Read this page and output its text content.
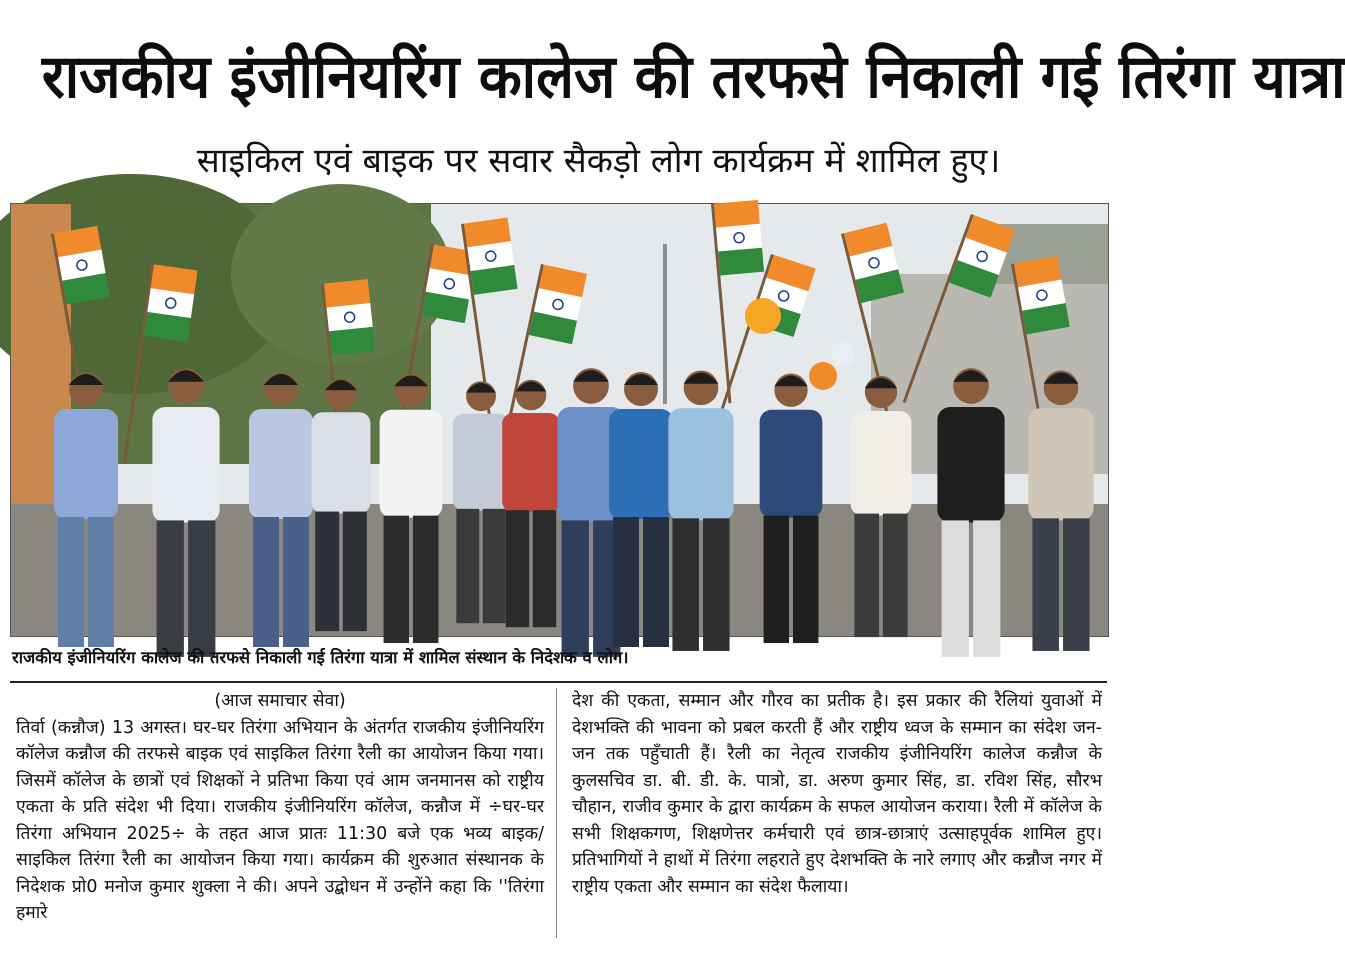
राजकीय इंजीनियरिंग कालेज की तरफसे निकाली गई तिरंगा यात्रा
साइकिल एवं बाइक पर सवार सैकड़ो लोग कार्यक्रम में शामिल हुए।
राजकीय इंजीनियरिंग कालेज की तरफसे निकाली गई तिरंगा यात्रा में शामिल संस्थान के निदेशक व लोग।
(आज समाचार सेवा)

तिर्वा (कन्नौज) 13 अगस्त। घर-घर तिरंगा अभियान के अंतर्गत राजकीय इंजीनियरिंग कॉलेज कन्नौज की तरफसे बाइक एवं साइकिल तिरंगा रैली का आयोजन किया गया। जिसमें कॉलेज के छात्रों एवं शिक्षकों ने प्रतिभा किया एवं आम जनमानस को राष्ट्रीय एकता के प्रति संदेश भी दिया। राजकीय इंजीनियरिंग कॉलेज, कन्नौज में ÷घर-घर तिरंगा अभियान 2025÷ के तहत आज प्रातः 11:30 बजे एक भव्य बाइक/साइकिल तिरंगा रैली का आयोजन किया गया। कार्यक्रम की शुरुआत संस्थानक के निदेशक प्रो0 मनोज कुमार शुक्ला ने की। अपने उद्बोधन में उन्होंने कहा कि ''तिरंगा हमारे

देश की एकता, सम्मान और गौरव का प्रतीक है। इस प्रकार की रैलियां युवाओं में देशभक्ति की भावना को प्रबल करती हैं और राष्ट्रीय ध्वज के सम्मान का संदेश जन-जन तक पहुँचाती हैं। रैली का नेतृत्व राजकीय इंजीनियरिंग कालेज कन्नौज के कुलसचिव डा. बी. डी. के. पात्रो, डा. अरुण कुमार सिंह, डा. रविश सिंह, सौरभ चौहान, राजीव कुमार के द्वारा कार्यक्रम के सफल आयोजन कराया। रैली में कॉलेज के सभी शिक्षकगण, शिक्षणेत्तर कर्मचारी एवं छात्र-छात्राएं उत्साहपूर्वक शामिल हुए। प्रतिभागियों ने हाथों में तिरंगा लहराते हुए देशभक्ति के नारे लगाए और कन्नौज नगर में राष्ट्रीय एकता और सम्मान का संदेश फैलाया।
